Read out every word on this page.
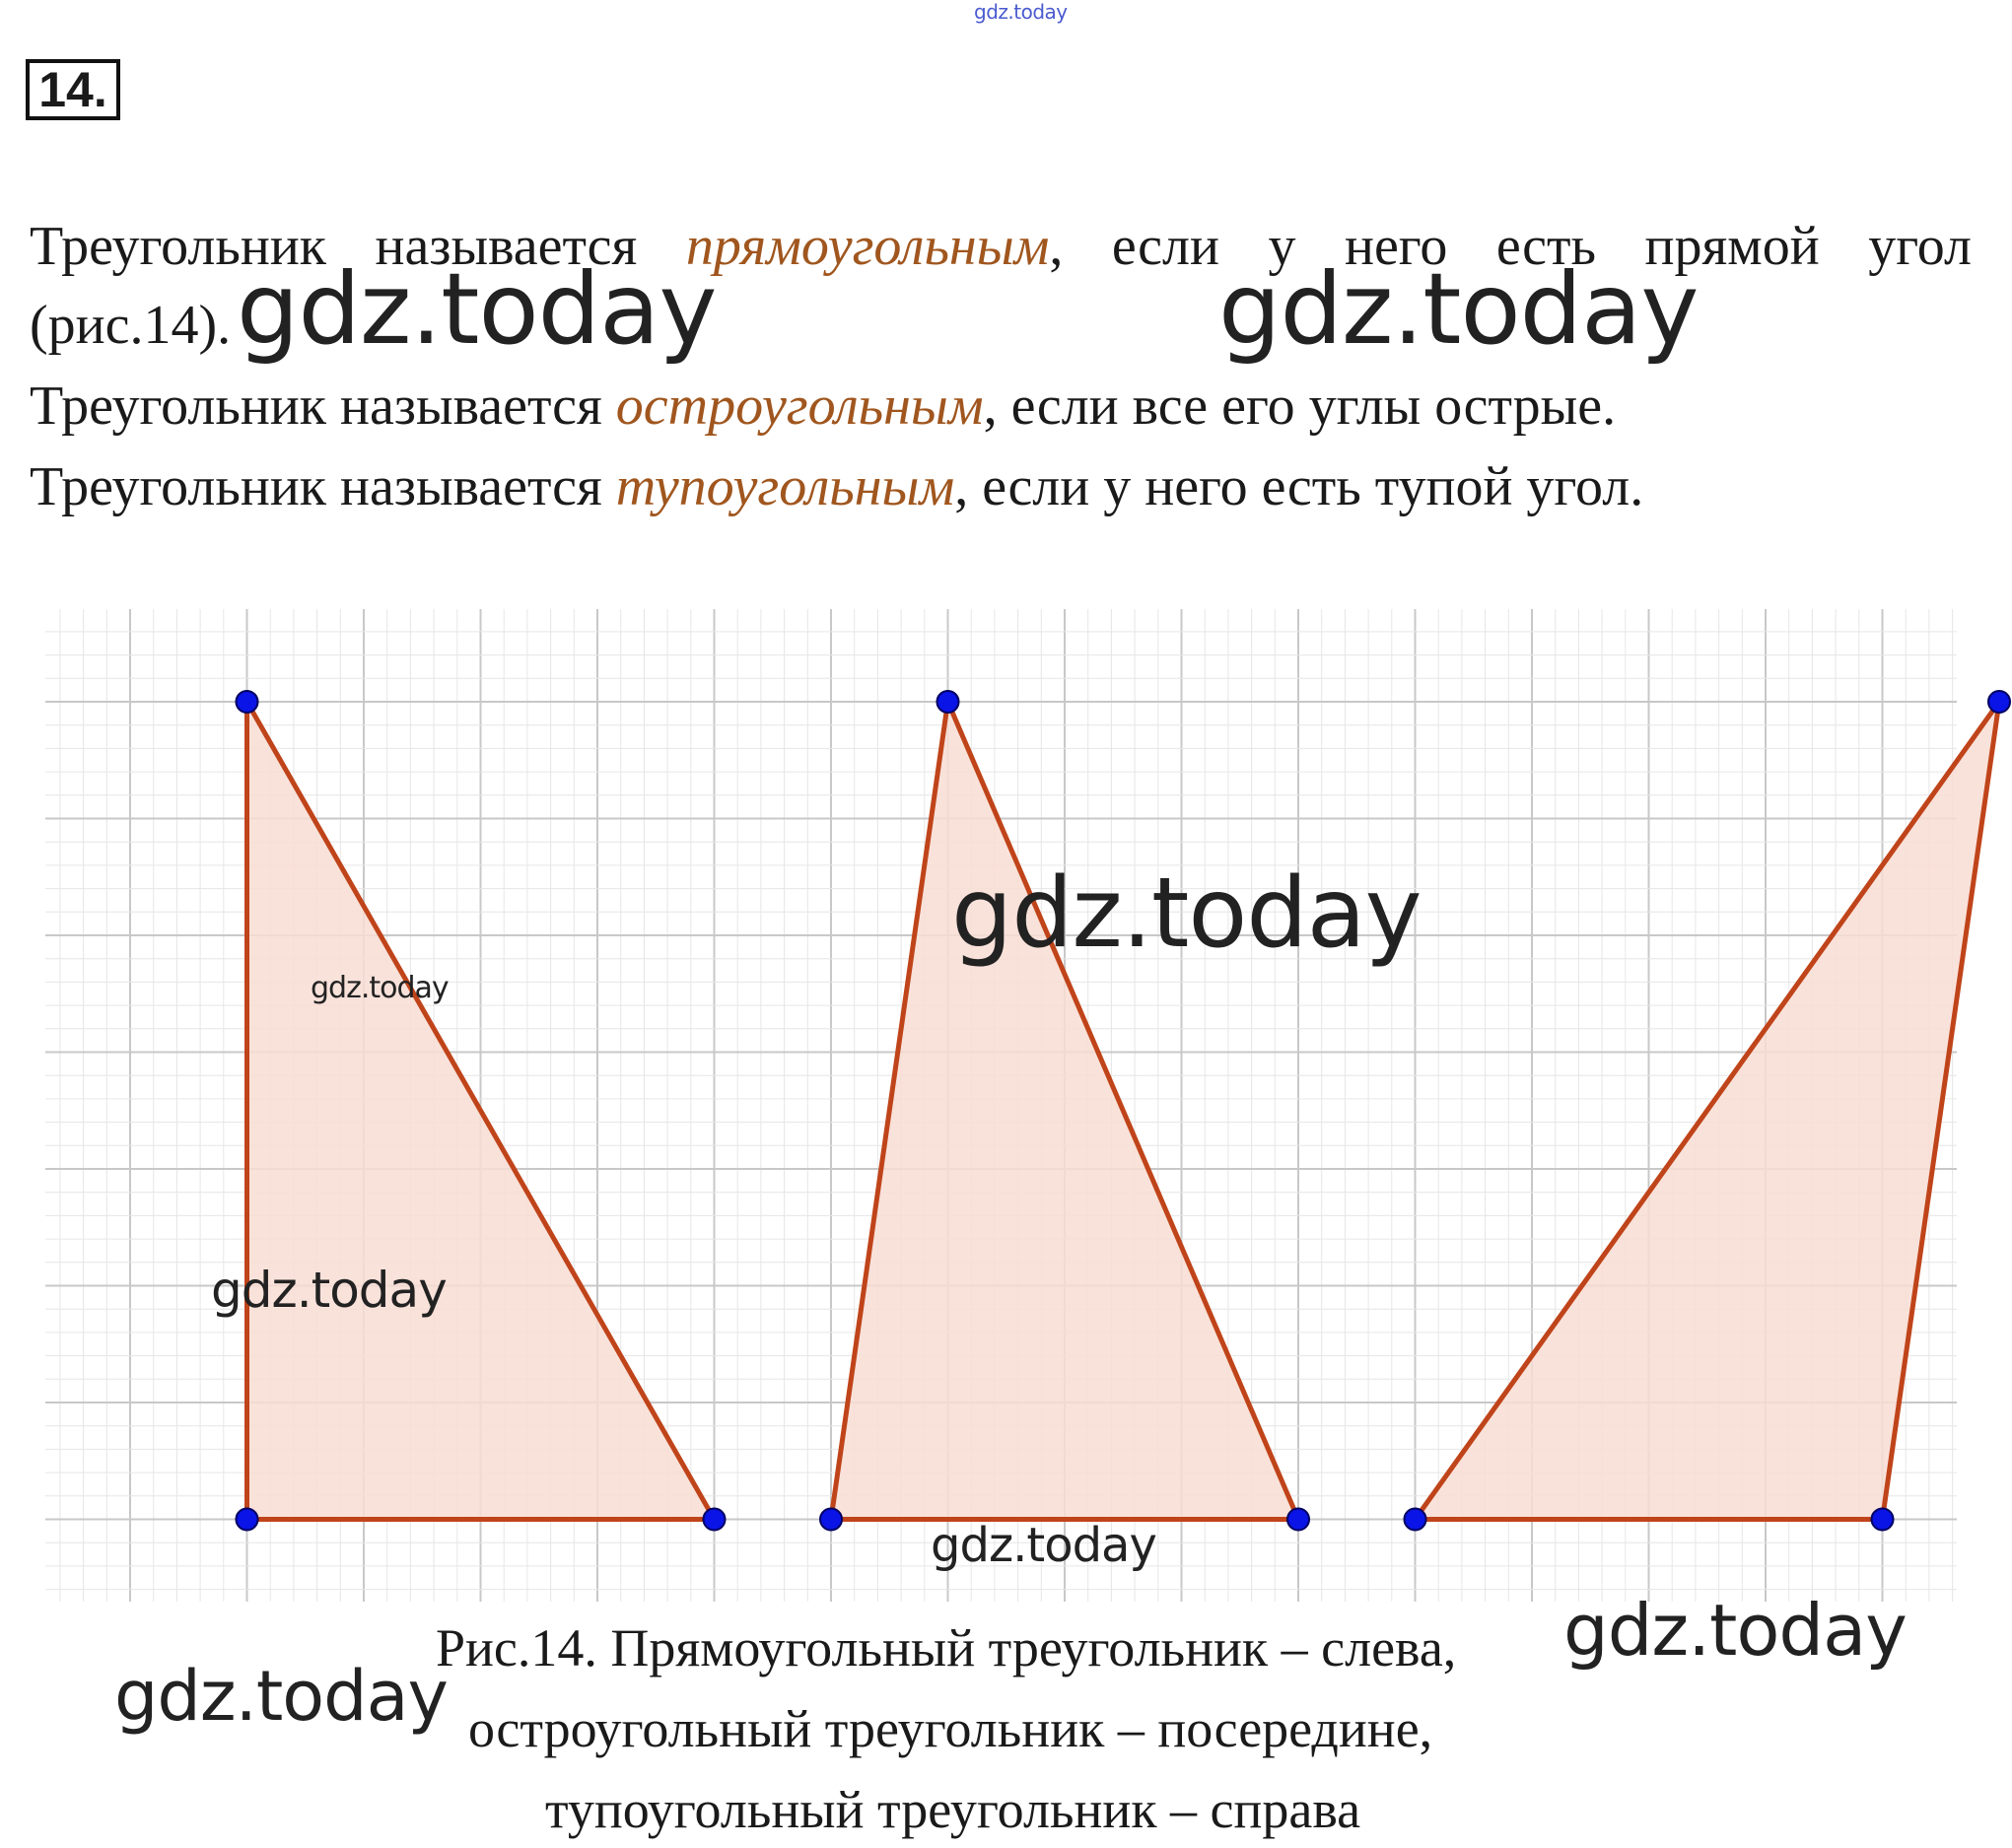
gdz.today
14.
Треугольник называется прямоугольным, если у него есть прямой угол
(рис.14).
Треугольник называется остроугольным, если все его углы острые.
Треугольник называется тупоугольным, если у него есть тупой угол.
gdz.today	gdz.today
gdz.today
gdz.today
gdz.today
gdz.today
gdz.today
gdz.today
Рис.14. Прямоугольный треугольник – слева,
остроугольный треугольник – посередине,
тупоугольный треугольник – справа
